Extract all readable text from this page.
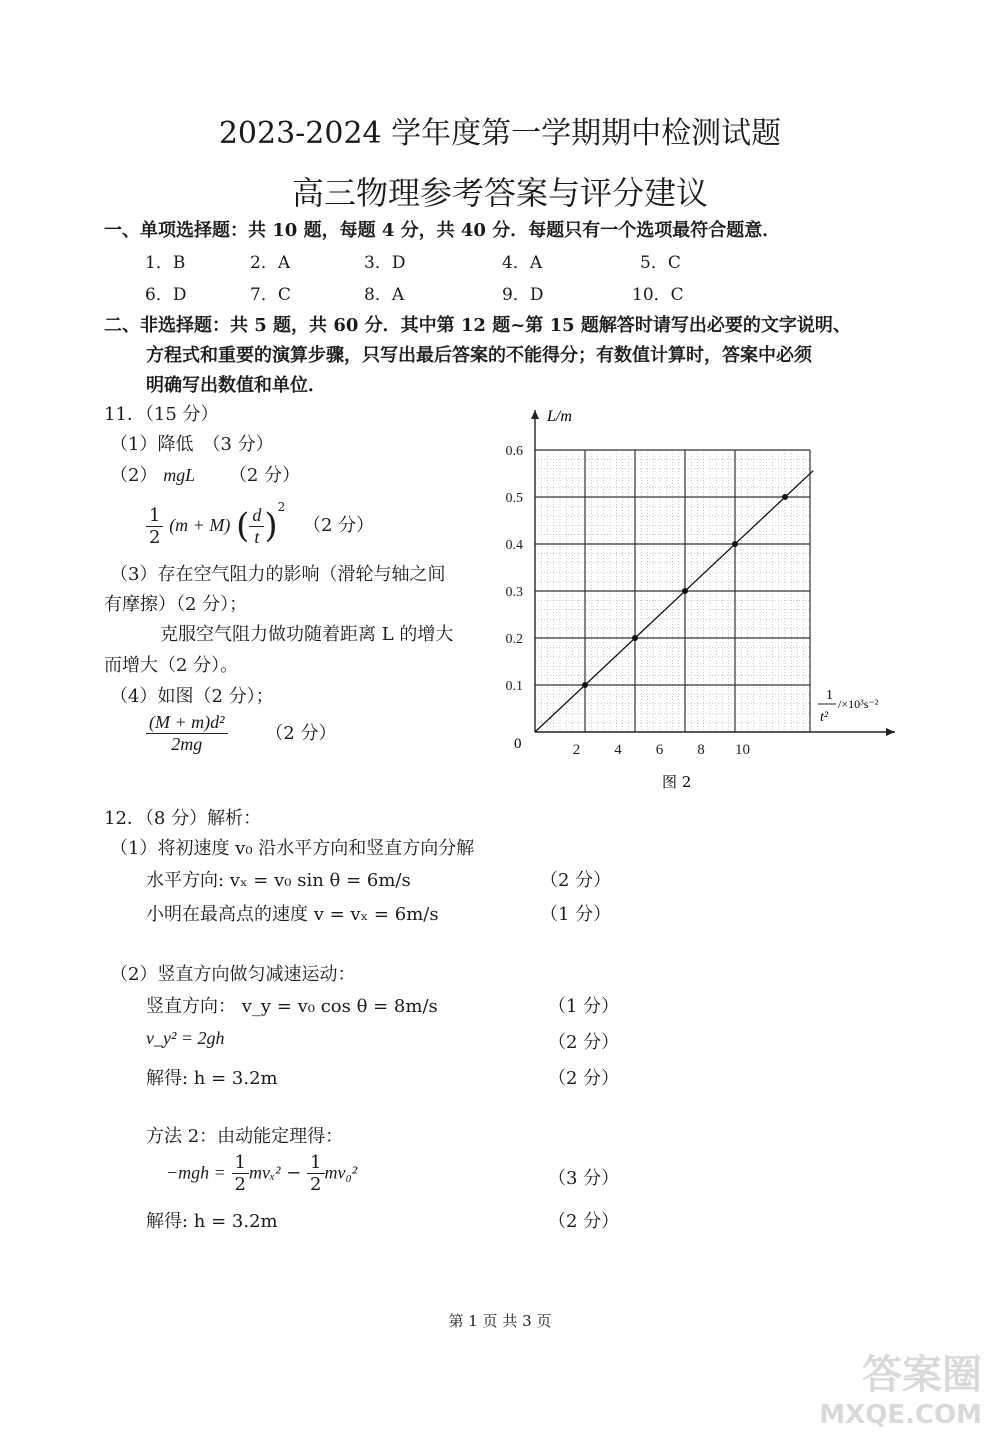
2023-2024 学年度第一学期期中检测试题
高三物理参考答案与评分建议
一、单项选择题：共 10 题，每题 4 分，共 40 分．每题只有一个选项最符合题意．
1．B	2．A	3．D	4．A	5．C
6．D	7．C	8．A	9．D	10．C
二、非选择题：共 5 题，共 60 分．其中第 12 题~第 15 题解答时请写出必要的文字说明、
方程式和重要的演算步骤，只写出最后答案的不能得分；有数值计算时，答案中必须
明确写出数值和单位．
11．（15 分）
（1）降低　（3 分）
（2） mgL （2 分）
$\frac{1}{2} (m + M)$ ( $\frac{d}{t} )^2$ （2 分）
（3）存在空气阻力的影响（滑轮与轴之间
有摩擦）（2 分）；
克服空气阻力做功随着距离 L 的增大
而增大（2 分）。
（4）如图（2 分）；
$\frac{\text{(M + m)d²}}{2mg} (2$ 分）
2 4 6 8 10
0.1
0.2
0.3
0.4
0.5
0.6
L/m
1
t²
/×10³s⁻²
0
图 2
12．（8 分）解析：
（1）将初速度 v₀ 沿水平方向和竖直方向分解
水平方向: vₓ = v₀ sin θ = 6m/s	（2 分）
小明在最高点的速度 v = vₓ = 6m/s	（1 分）
（2）竖直方向做匀减速运动：
竖直方向： v_y = v₀ cos θ = 8m/s	（1 分）
v_y² = 2gh	（2 分）
解得: h = 3.2m	（2 分）
方法 2：由动能定理得：
$-mgh = \frac{1}{2} mv_x^2 - \frac{1}{2} mv_0^2$	（3 分）
解得: h = 3.2m	（2 分）
第 1 页 共 3 页
答案圈
MXQE.COM
